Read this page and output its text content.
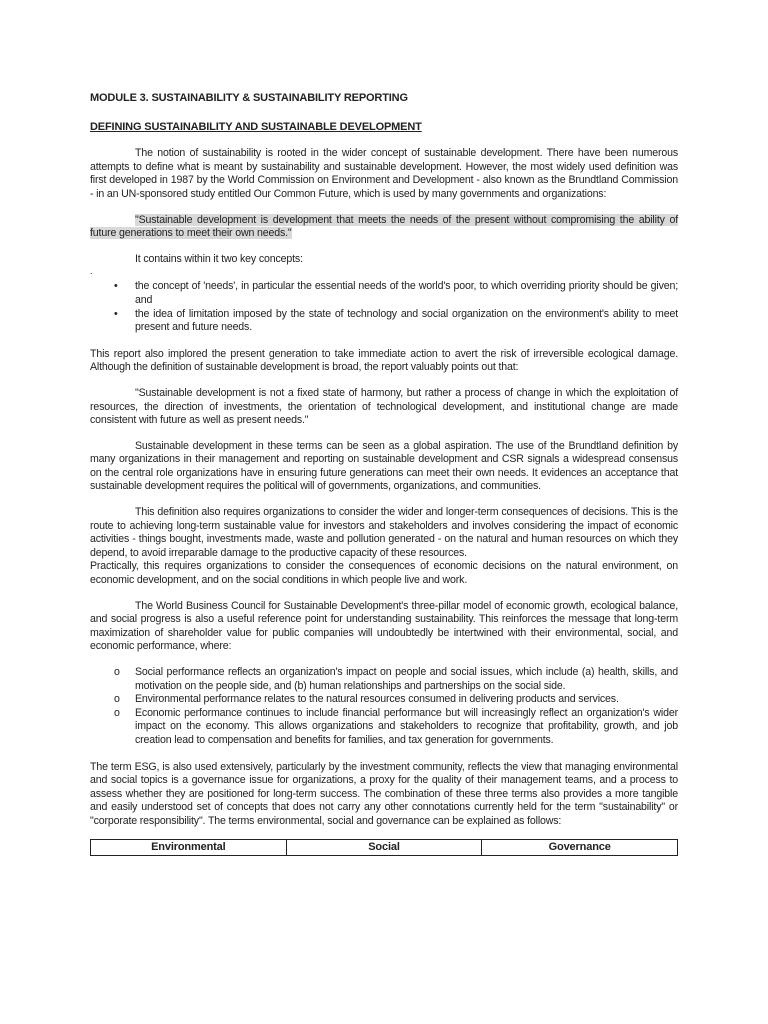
MODULE 3. SUSTAINABILITY & SUSTAINABILITY REPORTING

DEFINING SUSTAINABILITY AND SUSTAINABLE DEVELOPMENT

The notion of sustainability is rooted in the wider concept of sustainable development. There have been numerous attempts to define what is meant by sustainability and sustainable development. However, the most widely used definition was first developed in 1987 by the World Commission on Environment and Development - also known as the Brundtland Commission - in an UN-sponsored study entitled Our Common Future, which is used by many governments and organizations:

"Sustainable development is development that meets the needs of the present without compromising the ability of future generations to meet their own needs."

It contains within it two key concepts:

.
• the concept of 'needs', in particular the essential needs of the world's poor, to which overriding priority should be given; and
• the idea of limitation imposed by the state of technology and social organization on the environment's ability to meet present and future needs.

This report also implored the present generation to take immediate action to avert the risk of irreversible ecological damage. Although the definition of sustainable development is broad, the report valuably points out that:

"Sustainable development is not a fixed state of harmony, but rather a process of change in which the exploitation of resources, the direction of investments, the orientation of technological development, and institutional change are made consistent with future as well as present needs."

Sustainable development in these terms can be seen as a global aspiration. The use of the Brundtland definition by many organizations in their management and reporting on sustainable development and CSR signals a widespread consensus on the central role organizations have in ensuring future generations can meet their own needs. It evidences an acceptance that sustainable development requires the political will of governments, organizations, and communities.

This definition also requires organizations to consider the wider and longer-term consequences of decisions. This is the route to achieving long-term sustainable value for investors and stakeholders and involves considering the impact of economic activities - things bought, investments made, waste and pollution generated - on the natural and human resources on which they depend, to avoid irreparable damage to the productive capacity of these resources.

Practically, this requires organizations to consider the consequences of economic decisions on the natural environment, on economic development, and on the social conditions in which people live and work.

The World Business Council for Sustainable Development's three-pillar model of economic growth, ecological balance, and social progress is also a useful reference point for understanding sustainability. This reinforces the message that long-term maximization of shareholder value for public companies will undoubtedly be intertwined with their environmental, social, and economic performance, where:

o Social performance reflects an organization's impact on people and social issues, which include (a) health, skills, and motivation on the people side, and (b) human relationships and partnerships on the social side.
o Environmental performance relates to the natural resources consumed in delivering products and services.
o Economic performance continues to include financial performance but will increasingly reflect an organization's wider impact on the economy. This allows organizations and stakeholders to recognize that profitability, growth, and job creation lead to compensation and benefits for families, and tax generation for governments.

The term ESG, is also used extensively, particularly by the investment community, reflects the view that managing environmental and social topics is a governance issue for organizations, a proxy for the quality of their management teams, and a process to assess whether they are positioned for long-term success. The combination of these three terms also provides a more tangible and easily understood set of concepts that does not carry any other connotations currently held for the term "sustainability" or "corporate responsibility". The terms environmental, social and governance can be explained as follows:

Environmental	Social	Governance
